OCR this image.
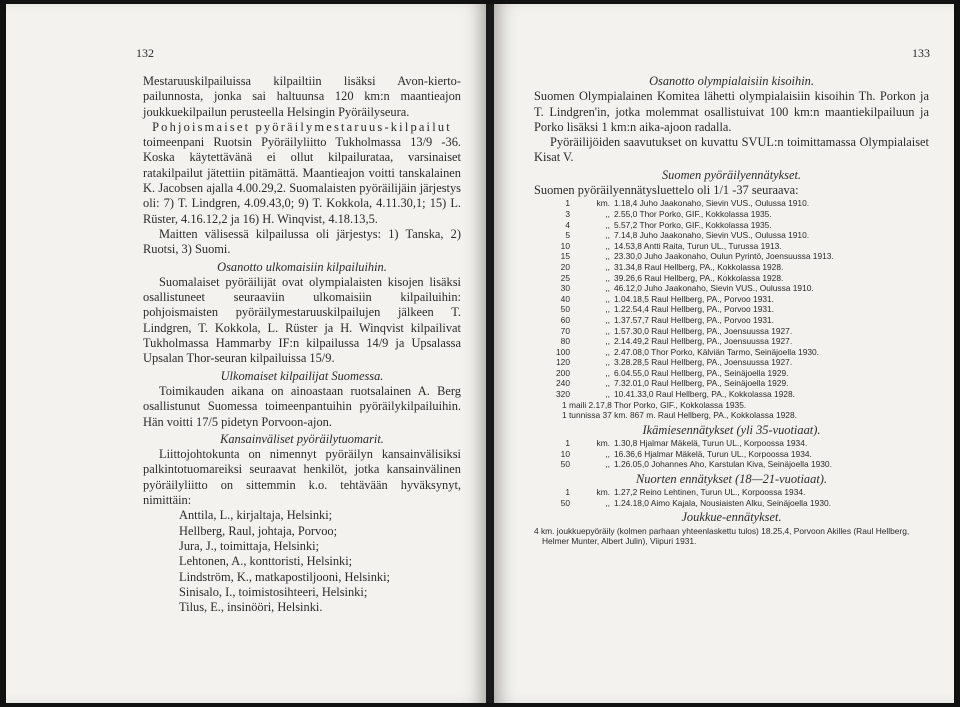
132
Mestaruuskilpailuissa kilpailtiin lisäksi Avon-kierto-pailunnosta, jonka sai haltuunsa 120 km:n maantieajon joukkuekilpailun perusteella Helsingin Pyöräilyseura.
Pohjoismaiset pyöräilymestaruus-kilpailut
toimeenpani Ruotsin Pyöräilyliitto Tukholmassa 13/9 -36. Koska käytettävänä ei ollut kilpailurataa, varsinaiset ratakilpailut jätettiin pitämättä. Maantieajon voitti tanskalainen K. Jacobsen ajalla 4.00.29,2. Suomalaisten pyöräilijäin järjestys oli: 7) T. Lindgren, 4.09.43,0; 9) T. Kokkola, 4.11.30,1; 15) L. Rüster, 4.16.12,2 ja 16) H. Winqvist, 4.18.13,5.
Maitten välisessä kilpailussa oli järjestys: 1) Tanska, 2) Ruotsi, 3) Suomi.
Osanotto ulkomaisiin kilpailuihin.
Suomalaiset pyöräilijät ovat olympialaisten kisojen lisäksi osallistuneet seuraaviin ulkomaisiin kilpailuihin: pohjoismaisten pyöräilymestaruuskilpailujen jälkeen T. Lindgren, T. Kokkola, L. Rüster ja H. Winqvist kilpailivat Tukholmassa Hammarby IF:n kilpailussa 14/9 ja Upsalassa Upsalan Thor-seuran kilpailuissa 15/9.
Ulkomaiset kilpailijat Suomessa.
Toimikauden aikana on ainoastaan ruotsalainen A. Berg osallistunut Suomessa toimeenpantuihin pyöräilykilpailuihin. Hän voitti 17/5 pidetyn Porvoon-ajon.
Kansainväliset pyöräilytuomarit.
Liittojohtokunta on nimennyt pyöräilyn kansainvälisiksi palkintotuomareiksi seuraavat henkilöt, jotka kansainvälinen pyöräilyliitto on sittemmin k.o. tehtävään hyväksynyt, nimittäin:
Anttila, L., kirjaltaja, Helsinki;
Hellberg, Raul, johtaja, Porvoo;
Jura, J., toimittaja, Helsinki;
Lehtonen, A., konttoristi, Helsinki;
Lindström, K., matkapostiljooni, Helsinki;
Sinisalo, I., toimistosihteeri, Helsinki;
Tilus, E., insinööri, Helsinki.
133
Osanotto olympialaisiin kisoihin.
Suomen Olympialainen Komitea lähetti olympialaisiin kisoihin Th. Porkon ja T. Lindgren'in, jotka molemmat osallistuivat 100 km:n maantiekilpailuun ja Porko lisäksi 1 km:n aika-ajoon radalla.
Pyöräilijöiden saavutukset on kuvattu SVUL:n toimittamassa Olympialaiset Kisat V.
Suomen pyöräilyennätykset.
Suomen pyöräilyennätysluettelo oli 1/1 -37 seuraava:
1	km. 1.18,4 Juho Jaakonaho, Sievin VUS., Oulussa 1910.
3	,, 2.55,0 Thor Porko, GIF., Kokkolassa 1935.
4	,, 5.57,2 Thor Porko, GIF., Kokkolassa 1935.
5	,, 7.14,8 Juho Jaakonaho, Sievin VUS., Oulussa 1910.
10	,, 14.53,8 Antti Raita, Turun UL., Turussa 1913.
15	,, 23.30,0 Juho Jaakonaho, Oulun Pyrintö, Joensuussa 1913.
20	,, 31.34,8 Raul Hellberg, PA., Kokkolassa 1928.
25	,, 39.26,6 Raul Hellberg, PA., Kokkolassa 1928.
30	,, 46.12,0 Juho Jaakonaho, Sievin VUS., Oulussa 1910.
40	,, 1.04.18,5 Raul Hellberg, PA., Porvoo 1931.
50	,, 1.22.54,4 Raul Hellberg, PA., Porvoo 1931.
60	,, 1.37.57,7 Raul Hellberg, PA., Porvoo 1931.
70	,, 1.57.30,0 Raul Hellberg, PA., Joensuussa 1927.
80	,, 2.14.49,2 Raul Hellberg, PA., Joensuussa 1927.
100	,, 2.47.08,0 Thor Porko, Kälviän Tarmo, Seinäjoella 1930.
120	,, 3.28.28,5 Raul Hellberg, PA., Joensuussa 1927.
200	,, 6.04.55,0 Raul Hellberg, PA., Seinäjoella 1929.
240	,, 7.32.01,0 Raul Hellberg, PA., Seinäjoella 1929.
320	,, 10.41.33,0 Raul Hellberg, PA., Kokkolassa 1928.
1 maili 2.17,8 Thor Porko, GIF., Kokkolassa 1935.
1 tunnissa 37 km. 867 m. Raul Hellberg, PA., Kokkolassa 1928.
Ikämiesennätykset (yli 35-vuotiaat).
1	km. 1.30,8 Hjalmar Mäkelä, Turun UL., Korpoossa 1934.
10	,, 16.36,6 Hjalmar Mäkelä, Turun UL., Korpoossa 1934.
50	,, 1.26.05,0 Johannes Aho, Karstulan Kiva, Seinäjoella 1930.
Nuorten ennätykset (18—21-vuotiaat).
1	km. 1.27,2 Reino Lehtinen, Turun UL., Korpoossa 1934.
50	,, 1.24.18,0 Aimo Kajala, Nousiaisten Alku, Seinäjoella 1930.
Joukkue-ennätykset.
4 km. joukkuepyöräily (kolmen parhaan yhteenlaskettu tulos) 18.25,4, Porvoon Akilles (Raul Hellberg, Helmer Munter, Albert Julin), Viipuri 1931.
